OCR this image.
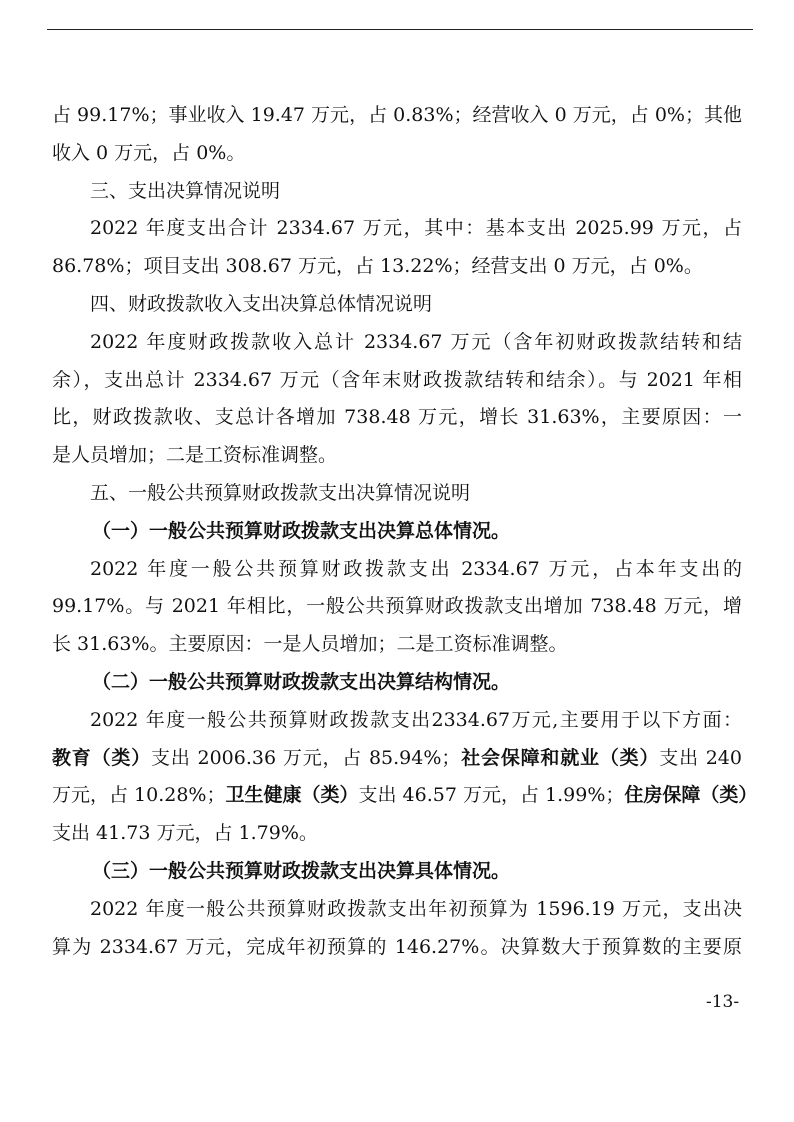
占 99.17%；事业收入 19.47 万元，占 0.83%；经营收入 0 万元，占 0%；其他
收入 0 万元，占 0%。
三、支出决算情况说明
2022 年度支出合计 2334.67 万元，其中：基本支出 2025.99 万元，占
86.78%；项目支出 308.67 万元，占 13.22%；经营支出 0 万元，占 0%。
四、财政拨款收入支出决算总体情况说明
2022 年度财政拨款收入总计 2334.67 万元（含年初财政拨款结转和结
余），支出总计 2334.67 万元（含年末财政拨款结转和结余）。与 2021 年相
比，财政拨款收、支总计各增加 738.48 万元，增长 31.63%，主要原因：一
是人员增加；二是工资标准调整。
五、一般公共预算财政拨款支出决算情况说明
（一）一般公共预算财政拨款支出决算总体情况。
2022 年度一般公共预算财政拨款支出 2334.67 万元，占本年支出的
99.17%。与 2021 年相比，一般公共预算财政拨款支出增加 738.48 万元，增
长 31.63%。主要原因：一是人员增加；二是工资标准调整。
（二）一般公共预算财政拨款支出决算结构情况。
2022 年度一般公共预算财政拨款支出2334.67万元,主要用于以下方面：
教育（类）支出 2006.36 万元，占 85.94%；社会保障和就业（类）支出 240
万元，占 10.28%；卫生健康（类）支出 46.57 万元，占 1.99%；住房保障（类）
支出 41.73 万元，占 1.79%。
（三）一般公共预算财政拨款支出决算具体情况。
2022 年度一般公共预算财政拨款支出年初预算为 1596.19 万元，支出决
算为 2334.67 万元，完成年初预算的 146.27%。决算数大于预算数的主要原
-13-
